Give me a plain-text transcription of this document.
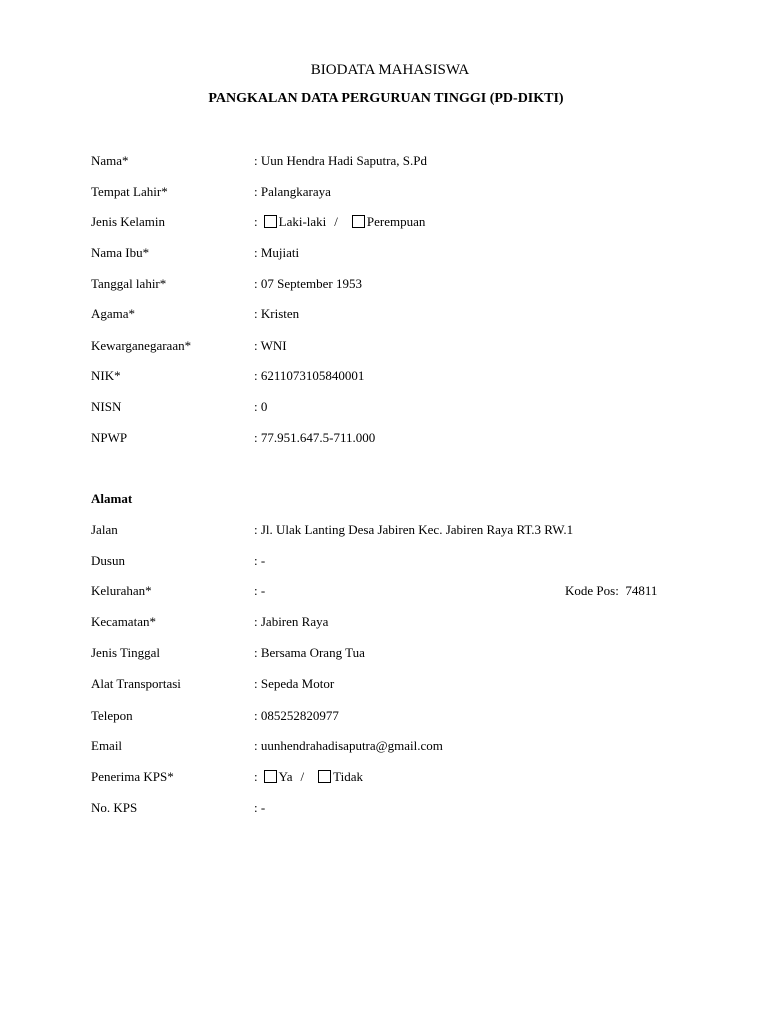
BIODATA MAHASISWA
PANGKALAN DATA PERGURUAN TINGGI (PD-DIKTI)
Nama*	: Uun Hendra Hadi Saputra, S.Pd
Tempat Lahir*	: Palangkaraya
Jenis Kelamin	: Laki-laki / Perempuan
Nama Ibu*	: Mujiati
Tanggal lahir*	: 07 September 1953
Agama*	: Kristen
Kewarganegaraan*	: WNI
NIK*	: 6211073105840001
NISN	: 0
NPWP	: 77.951.647.5-711.000
Alamat
Jalan	: Jl. Ulak Lanting Desa Jabiren Kec. Jabiren Raya RT.3 RW.1
Dusun	: -
Kelurahan*	: -	Kode Pos: 74811
Kecamatan*	: Jabiren Raya
Jenis Tinggal	: Bersama Orang Tua
Alat Transportasi	: Sepeda Motor
Telepon	: 085252820977
Email	: uunhendrahadisaputra@gmail.com
Penerima KPS*	: Ya / Tidak
No. KPS	: -
